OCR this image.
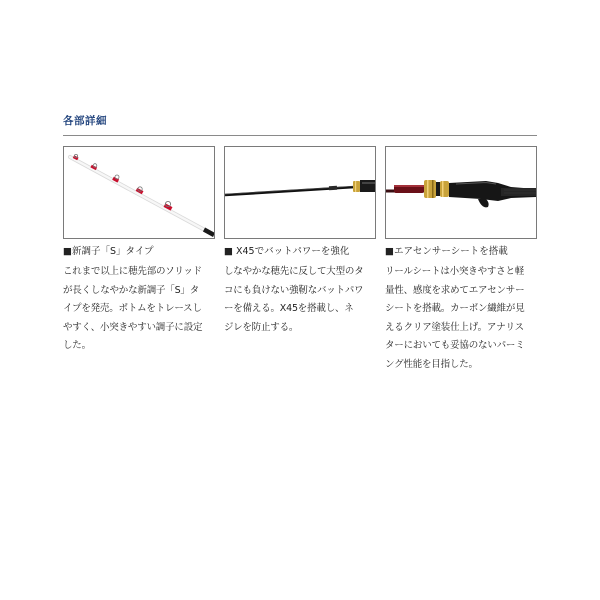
各部詳細

■新調子「S」タイプ

これまで以上に穂先部のソリッド
が長くしなやかな新調子「S」タ
イプを発売。ボトムをトレースし
やすく、小突きやすい調子に設定
した。

■ X45でバットパワーを強化

しなやかな穂先に反して大型のタ
コにも負けない強靭なバットパワ
ーを備える。X45を搭載し、ネ
ジレを防止する。

■エアセンサーシートを搭載

リールシートは小突きやすさと軽
量性、感度を求めてエアセンサー
シートを搭載。カーボン繊維が見
えるクリア塗装仕上げ。アナリス
ターにおいても妥協のないパーミ
ング性能を目指した。
